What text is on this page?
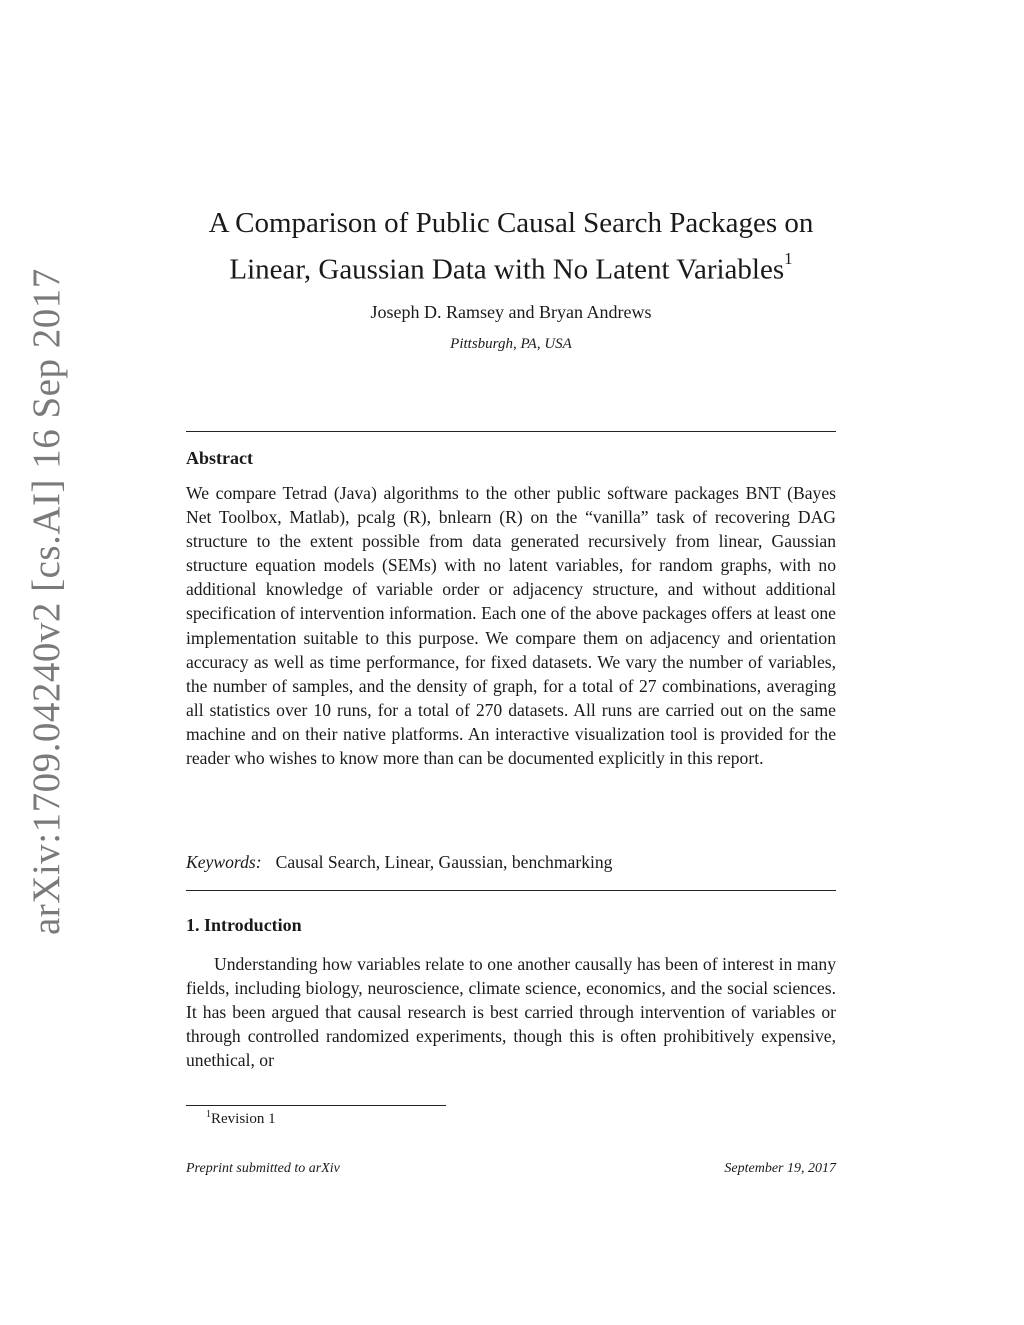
arXiv:1709.04240v2 [cs.AI] 16 Sep 2017
A Comparison of Public Causal Search Packages on
Linear, Gaussian Data with No Latent Variables$^1$
Joseph D. Ramsey and Bryan Andrews
Pittsburgh, PA, USA
Abstract
We compare Tetrad (Java) algorithms to the other public software packages BNT (Bayes Net Toolbox, Matlab), pcalg (R), bnlearn (R) on the “vanilla” task of recovering DAG structure to the extent possible from data generated recursively from linear, Gaussian structure equation models (SEMs) with no latent variables, for random graphs, with no additional knowledge of variable order or adjacency structure, and without additional specification of intervention information. Each one of the above packages offers at least one implementation suitable to this purpose. We compare them on adjacency and orientation accuracy as well as time performance, for fixed datasets. We vary the number of variables, the number of samples, and the density of graph, for a total of 27 combinations, averaging all statistics over 10 runs, for a total of 270 datasets. All runs are carried out on the same machine and on their native platforms. An interactive visualization tool is provided for the reader who wishes to know more than can be documented explicitly in this report.
Keywords: Causal Search, Linear, Gaussian, benchmarking
1. Introduction
Understanding how variables relate to one another causally has been of interest in many fields, including biology, neuroscience, climate science, economics, and the social sciences. It has been argued that causal research is best carried through intervention of variables or through controlled randomized experiments, though this is often prohibitively expensive, unethical, or
$^1$Revision 1
Preprint submitted to arXiv	September 19, 2017
